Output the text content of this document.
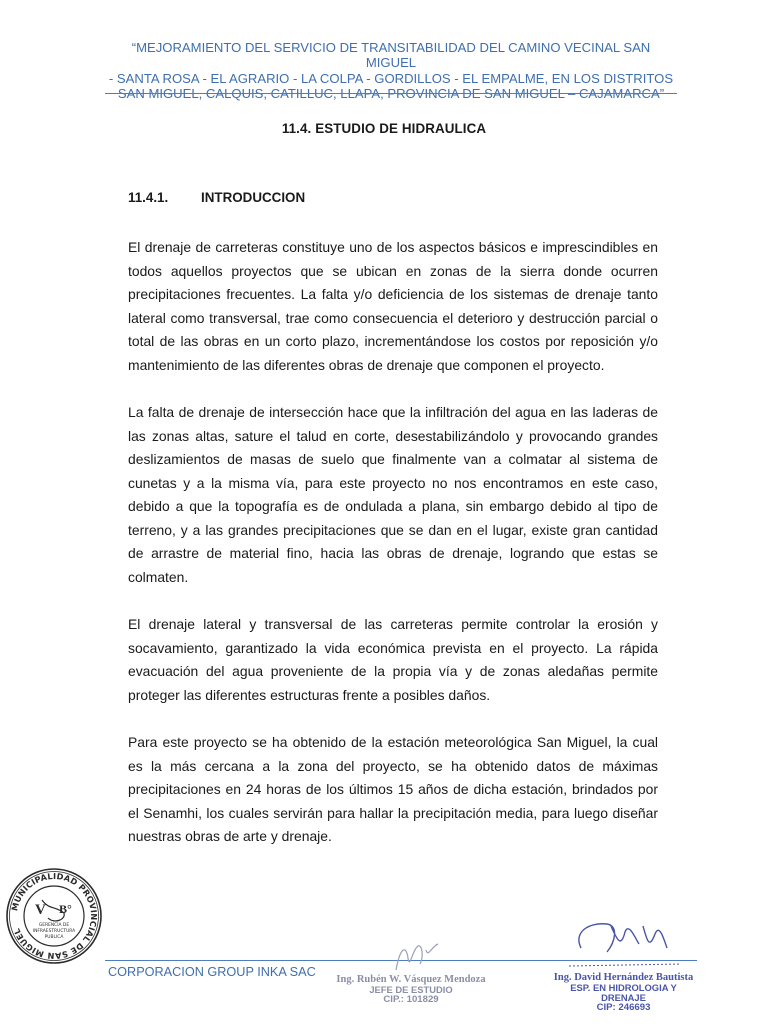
“MEJORAMIENTO DEL SERVICIO DE TRANSITABILIDAD DEL CAMINO VECINAL SAN MIGUEL
- SANTA ROSA - EL AGRARIO - LA COLPA - GORDILLOS - EL EMPALME, EN LOS DISTRITOS
SAN MIGUEL, CALQUIS, CATILLUC, LLAPA, PROVINCIA DE SAN MIGUEL – CAJAMARCA”
11.4. ESTUDIO DE HIDRAULICA
11.4.1. INTRODUCCION

El drenaje de carreteras constituye uno de los aspectos básicos e imprescindibles en todos aquellos proyectos que se ubican en zonas de la sierra donde ocurren precipitaciones frecuentes. La falta y/o deficiencia de los sistemas de drenaje tanto lateral como transversal, trae como consecuencia el deterioro y destrucción parcial o total de las obras en un corto plazo, incrementándose los costos por reposición y/o mantenimiento de las diferentes obras de drenaje que componen el proyecto.

La falta de drenaje de intersección hace que la infiltración del agua en las laderas de las zonas altas, sature el talud en corte, desestabilizándolo y provocando grandes deslizamientos de masas de suelo que finalmente van a colmatar al sistema de cunetas y a la misma vía, para este proyecto no nos encontramos en este caso, debido a que la topografía es de ondulada a plana, sin embargo debido al tipo de terreno, y a las grandes precipitaciones que se dan en el lugar, existe gran cantidad de arrastre de material fino, hacia las obras de drenaje, logrando que estas se colmaten.

El drenaje lateral y transversal de las carreteras permite controlar la erosión y socavamiento, garantizado la vida económica prevista en el proyecto. La rápida evacuación del agua proveniente de la propia vía y de zonas aledañas permite proteger las diferentes estructuras frente a posibles daños.

Para este proyecto se ha obtenido de la estación meteorológica San Miguel, la cual es la más cercana a la zona del proyecto, se ha obtenido datos de máximas precipitaciones en 24 horas de los últimos 15 años de dicha estación, brindados por el Senamhi, los cuales servirán para hallar la precipitación media, para luego diseñar nuestras obras de arte y drenaje.

MUNICIPALIDAD PROVINCIAL DE SAN MIGUEL
V B°
GERENCIA DE
INFRAESTRUCTURA
PUBLICA
CORPORACION GROUP INKA SAC
Ing. Rubén W. Vásquez Mendoza
JEFE DE ESTUDIO
CIP.: 101829
Ing. David Hernández Bautista
ESP. EN HIDROLOGIA Y
DRENAJE
CIP: 246693
